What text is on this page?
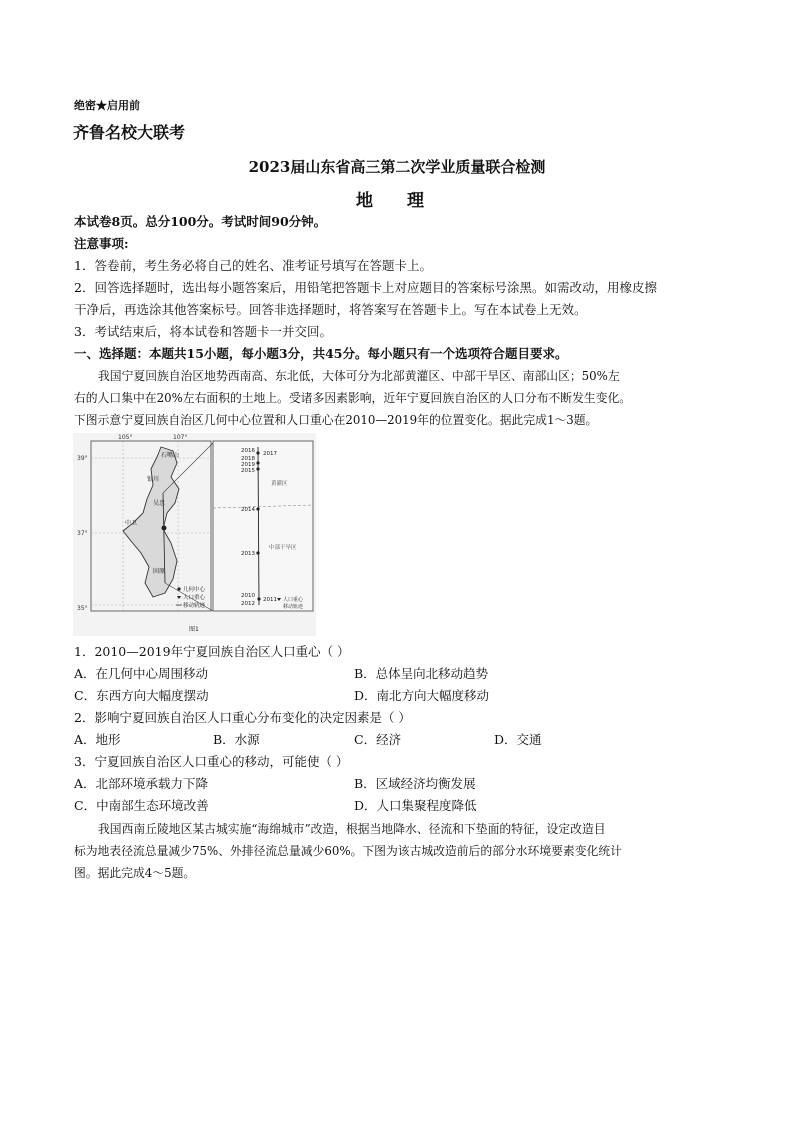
绝密★启用前
齐鲁名校大联考
2023届山东省高三第二次学业质量联合检测
地 理
本试卷8页。总分100分。考试时间90分钟。
注意事项:
1．答卷前，考生务必将自己的姓名、准考证号填写在答题卡上。
2．回答选择题时，选出每小题答案后，用铅笔把答题卡上对应题目的答案标号涂黑。如需改动，用橡皮擦
干净后，再选涂其他答案标号。回答非选择题时，将答案写在答题卡上。写在本试卷上无效。
3．考试结束后，将本试卷和答题卡一并交回。
一、选择题：本题共15小题，每小题3分，共45分。每小题只有一个选项符合题目要求。
我国宁夏回族自治区地势西南高、东北低，大体可分为北部黄灌区、中部干旱区、南部山区；50%左
右的人口集中在20%左右面积的土地上。受诸多因素影响，近年宁夏回族自治区的人口分布不断发生变化。
下图示意宁夏回族自治区几何中心位置和人口重心在2010—2019年的位置变化。据此完成1～3题。
105°	107°
39°
37°
35°
银川
吴忠
中卫
固原
石嘴山
几何中心
人口重心
移动轨迹
图1
2016 2017
2018
2019
2015
2014
2013
2010
2011
2012
黄灌区
中部干旱区
人口重心
移动轨迹
1．2010—2019年宁夏回族自治区人口重心（ ）
A．在几何中心周围移动	B．总体呈向北移动趋势
C．东西方向大幅度摆动	D．南北方向大幅度移动
2．影响宁夏回族自治区人口重心分布变化的决定因素是（ ）
A．地形	B．水源	C．经济	D．交通
3．宁夏回族自治区人口重心的移动，可能使（ ）
A．北部环境承载力下降	B．区域经济均衡发展
C．中南部生态环境改善	D．人口集聚程度降低
我国西南丘陵地区某古城实施“海绵城市”改造，根据当地降水、径流和下垫面的特征，设定改造目
标为地表径流总量减少75%、外排径流总量减少60%。下图为该古城改造前后的部分水环境要素变化统计
图。据此完成4～5题。
